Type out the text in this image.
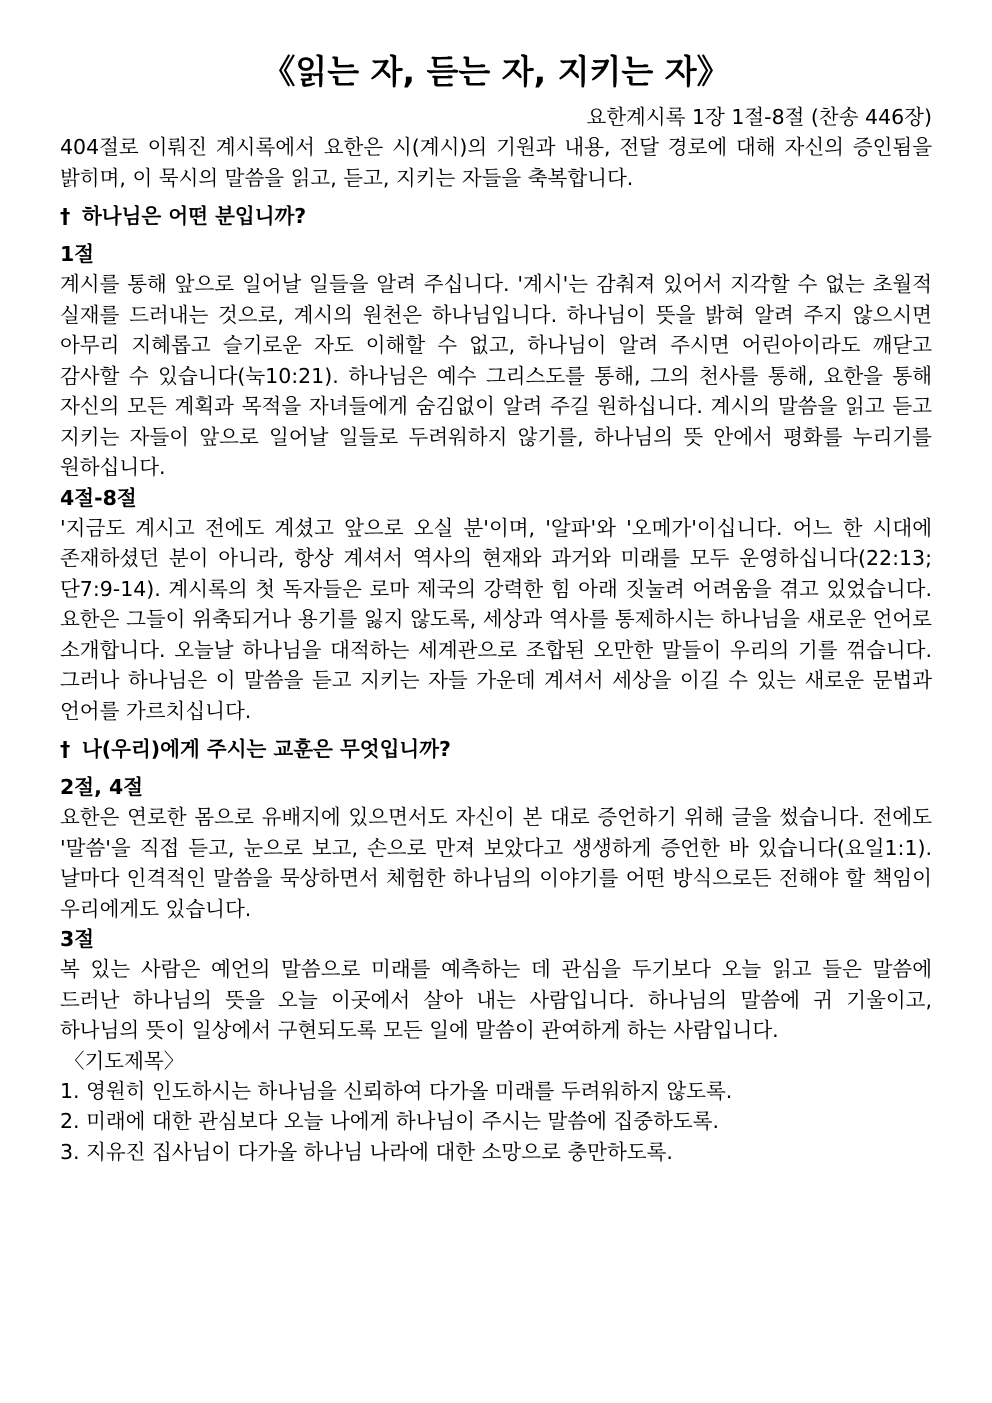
《읽는 자, 듣는 자, 지키는 자》
요한계시록 1장 1절-8절 (찬송 446장)

404절로 이뤄진 계시록에서 요한은 시(계시)의 기원과 내용, 전달 경로에 대해 자신의 증인됨을 밝히며, 이 묵시의 말씀을 읽고, 듣고, 지키는 자들을 축복합니다.

† 하나님은 어떤 분입니까?
1절

계시를 통해 앞으로 일어날 일들을 알려 주십니다. '계시'는 감춰져 있어서 지각할 수 없는 초월적 실재를 드러내는 것으로, 계시의 원천은 하나님입니다. 하나님이 뜻을 밝혀 알려 주지 않으시면 아무리 지혜롭고 슬기로운 자도 이해할 수 없고, 하나님이 알려 주시면 어린아이라도 깨닫고 감사할 수 있습니다(눅10:21). 하나님은 예수 그리스도를 통해, 그의 천사를 통해, 요한을 통해 자신의 모든 계획과 목적을 자녀들에게 숨김없이 알려 주길 원하십니다. 계시의 말씀을 읽고 듣고 지키는 자들이 앞으로 일어날 일들로 두려워하지 않기를, 하나님의 뜻 안에서 평화를 누리기를 원하십니다.

4절-8절

'지금도 계시고 전에도 계셨고 앞으로 오실 분'이며, '알파'와 '오메가'이십니다. 어느 한 시대에 존재하셨던 분이 아니라, 항상 계셔서 역사의 현재와 과거와 미래를 모두 운영하십니다(22:13; 단7:9-14). 계시록의 첫 독자들은 로마 제국의 강력한 힘 아래 짓눌려 어려움을 겪고 있었습니다. 요한은 그들이 위축되거나 용기를 잃지 않도록, 세상과 역사를 통제하시는 하나님을 새로운 언어로 소개합니다. 오늘날 하나님을 대적하는 세계관으로 조합된 오만한 말들이 우리의 기를 꺾습니다. 그러나 하나님은 이 말씀을 듣고 지키는 자들 가운데 계셔서 세상을 이길 수 있는 새로운 문법과 언어를 가르치십니다.

† 나(우리)에게 주시는 교훈은 무엇입니까?
2절, 4절

요한은 연로한 몸으로 유배지에 있으면서도 자신이 본 대로 증언하기 위해 글을 썼습니다. 전에도 '말씀'을 직접 듣고, 눈으로 보고, 손으로 만져 보았다고 생생하게 증언한 바 있습니다(요일1:1). 날마다 인격적인 말씀을 묵상하면서 체험한 하나님의 이야기를 어떤 방식으로든 전해야 할 책임이 우리에게도 있습니다.

3절

복 있는 사람은 예언의 말씀으로 미래를 예측하는 데 관심을 두기보다 오늘 읽고 들은 말씀에 드러난 하나님의 뜻을 오늘 이곳에서 살아 내는 사람입니다. 하나님의 말씀에 귀 기울이고, 하나님의 뜻이 일상에서 구현되도록 모든 일에 말씀이 관여하게 하는 사람입니다.

〈기도제목〉
1. 영원히 인도하시는 하나님을 신뢰하여 다가올 미래를 두려워하지 않도록.
2. 미래에 대한 관심보다 오늘 나에게 하나님이 주시는 말씀에 집중하도록.
3. 지유진 집사님이 다가올 하나님 나라에 대한 소망으로 충만하도록.
